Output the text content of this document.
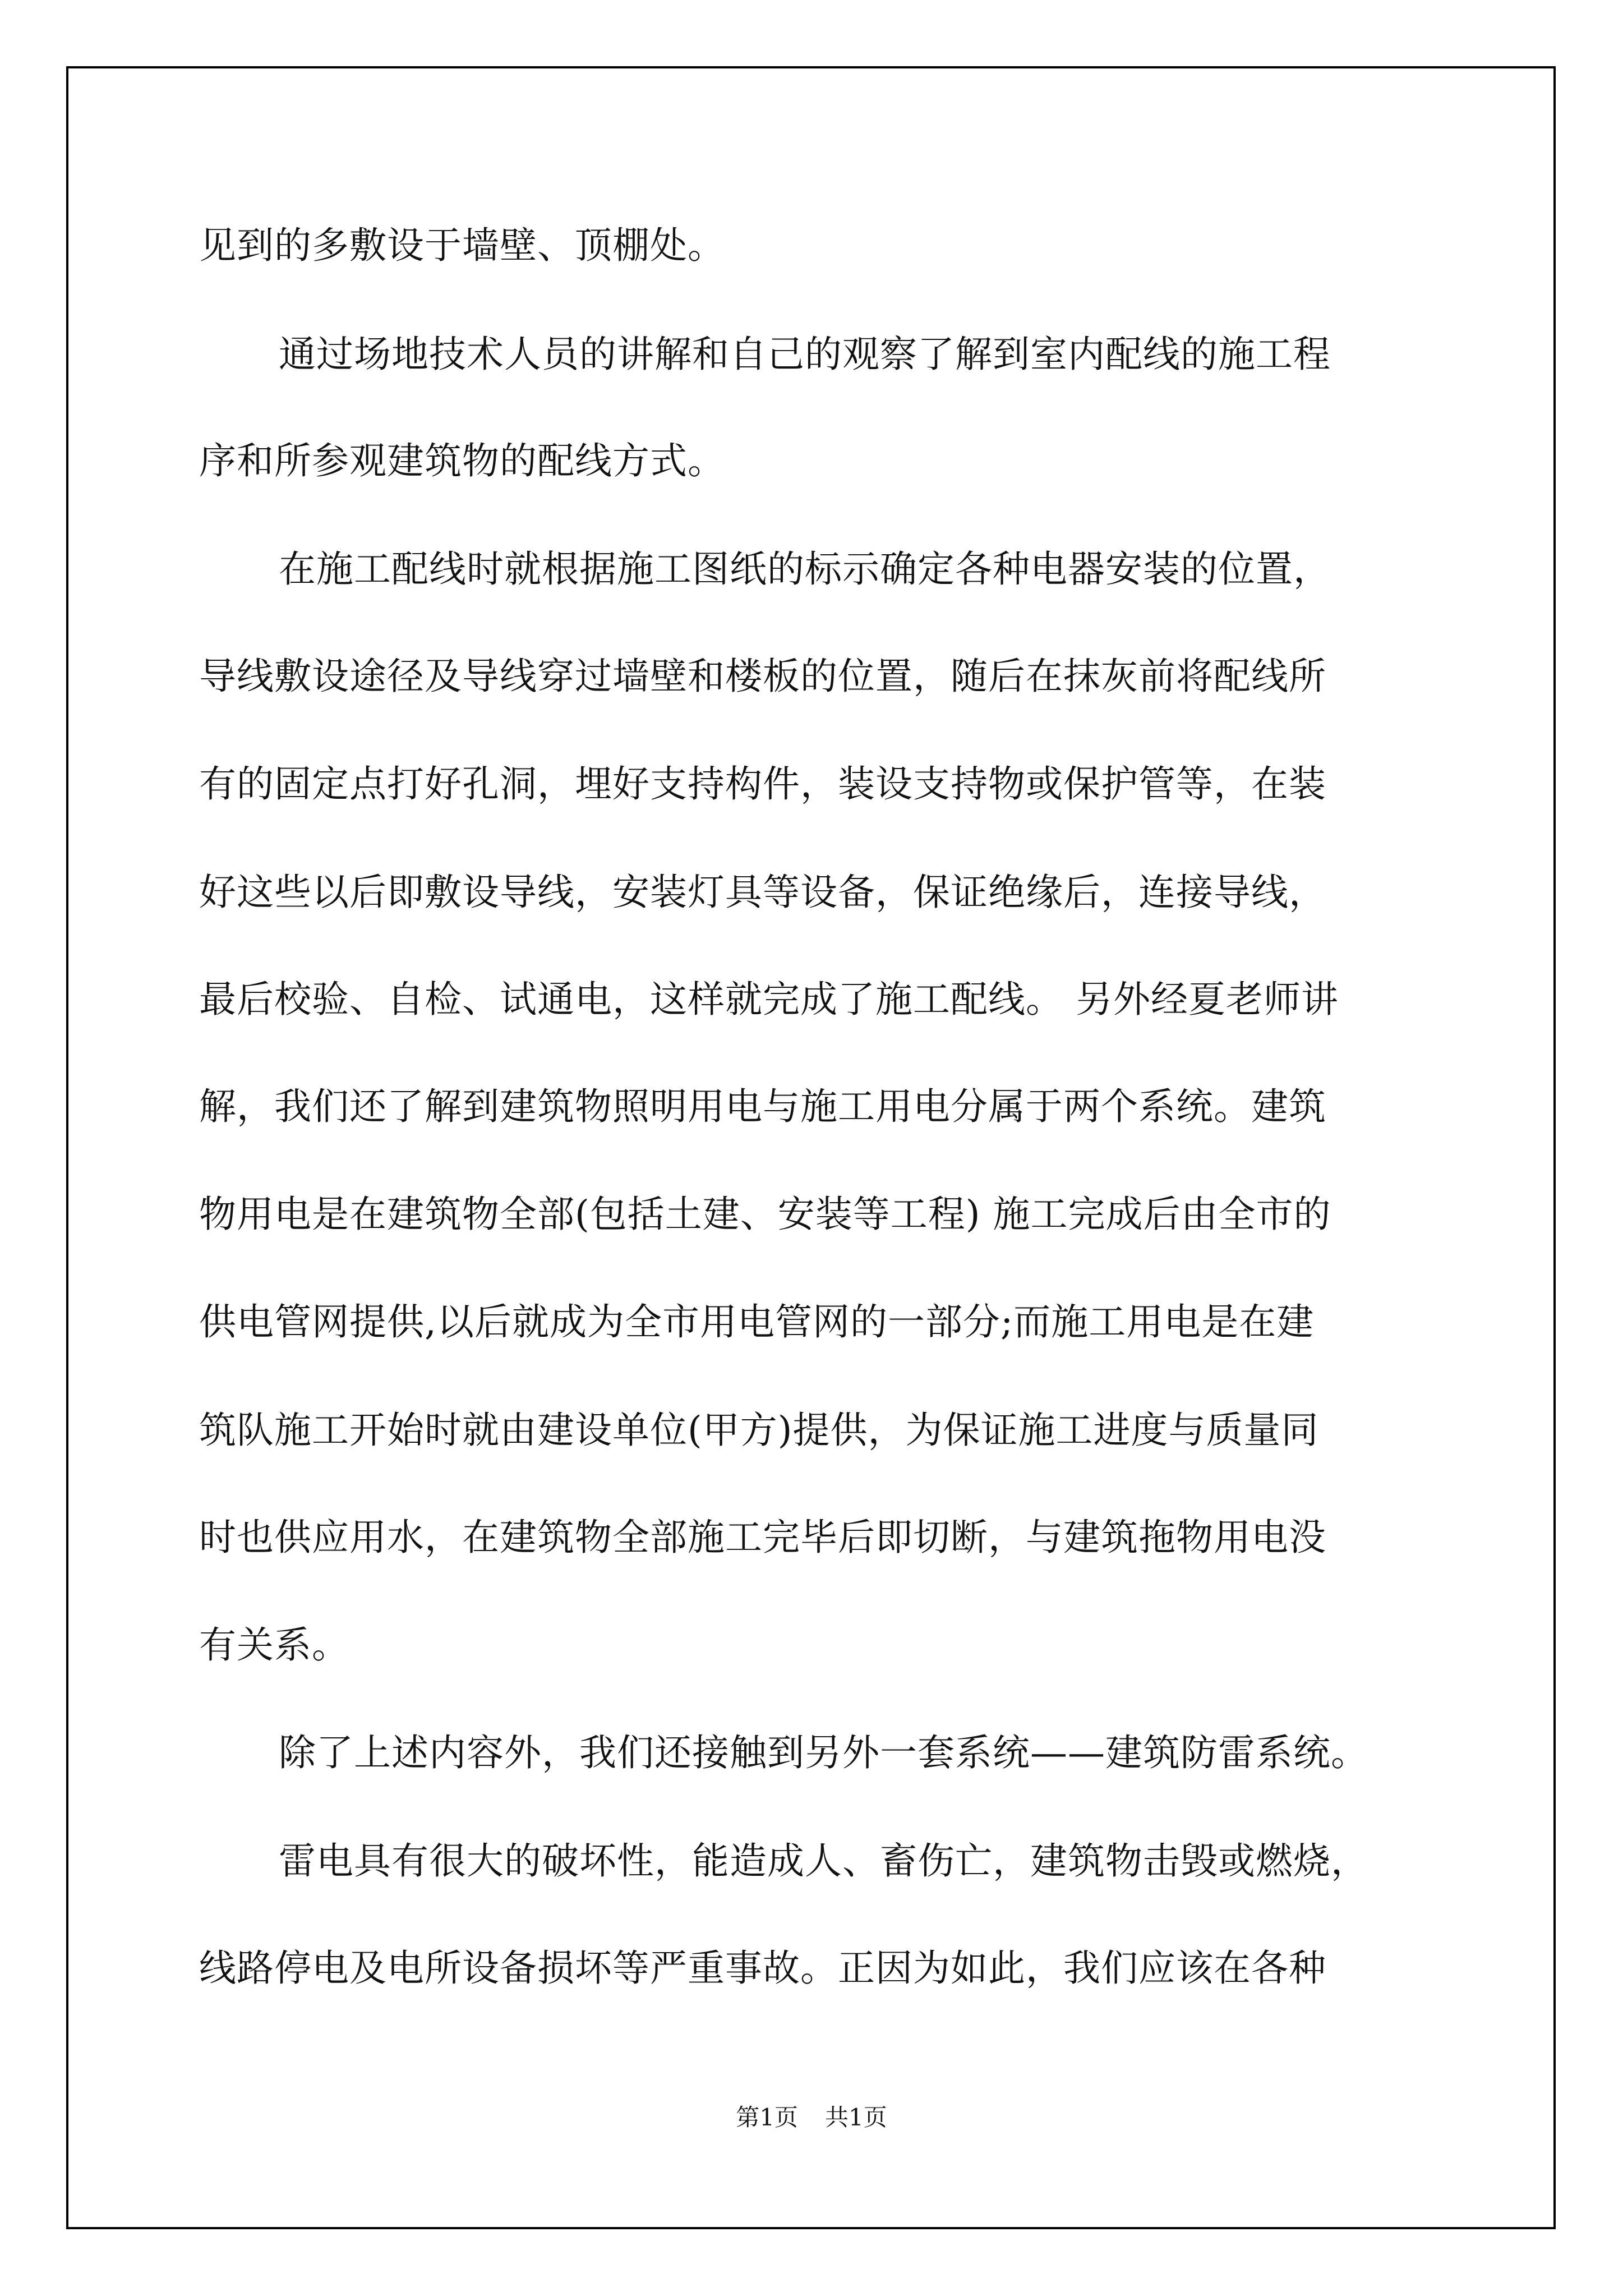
见到的多敷设于墙壁、顶棚处。
通过场地技术人员的讲解和自己的观察了解到室内配线的施工程
序和所参观建筑物的配线方式。
在施工配线时就根据施工图纸的标示确定各种电器安装的位置，
导线敷设途径及导线穿过墙壁和楼板的位置，随后在抹灰前将配线所
有的固定点打好孔洞，埋好支持构件，装设支持物或保护管等，在装
好这些以后即敷设导线，安装灯具等设备，保证绝缘后，连接导线，
最后校验、自检、试通电，这样就完成了施工配线。 另外经夏老师讲
解，我们还了解到建筑物照明用电与施工用电分属于两个系统。建筑
物用电是在建筑物全部(包括土建、安装等工程) 施工完成后由全市的
供电管网提供,以后就成为全市用电管网的一部分;而施工用电是在建
筑队施工开始时就由建设单位(甲方)提供，为保证施工进度与质量同
时也供应用水，在建筑物全部施工完毕后即切断，与建筑拖物用电没
有关系。
除了上述内容外，我们还接触到另外一套系统——建筑防雷系统。
雷电具有很大的破坏性，能造成人、畜伤亡，建筑物击毁或燃烧，
线路停电及电所设备损坏等严重事故。正因为如此，我们应该在各种
第1页 共1页
